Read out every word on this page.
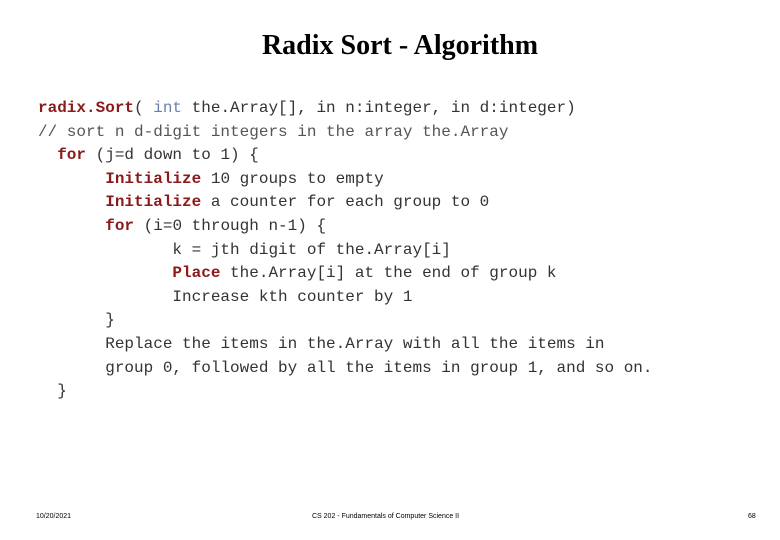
Radix Sort - Algorithm
radix.Sort( int the.Array[], in n:integer, in d:integer)
// sort n d-digit integers in the array the.Array
for (j=d down to 1) {
Initialize 10 groups to empty
Initialize a counter for each group to 0
for (i=0 through n-1) {
k = jth digit of the.Array[i]
Place the.Array[i] at the end of group k
Increase kth counter by 1
}
Replace the items in the.Array with all the items in
group 0, followed by all the items in group 1, and so on.
}
10/20/2021	CS 202 - Fundamentals of Computer Science II	68
